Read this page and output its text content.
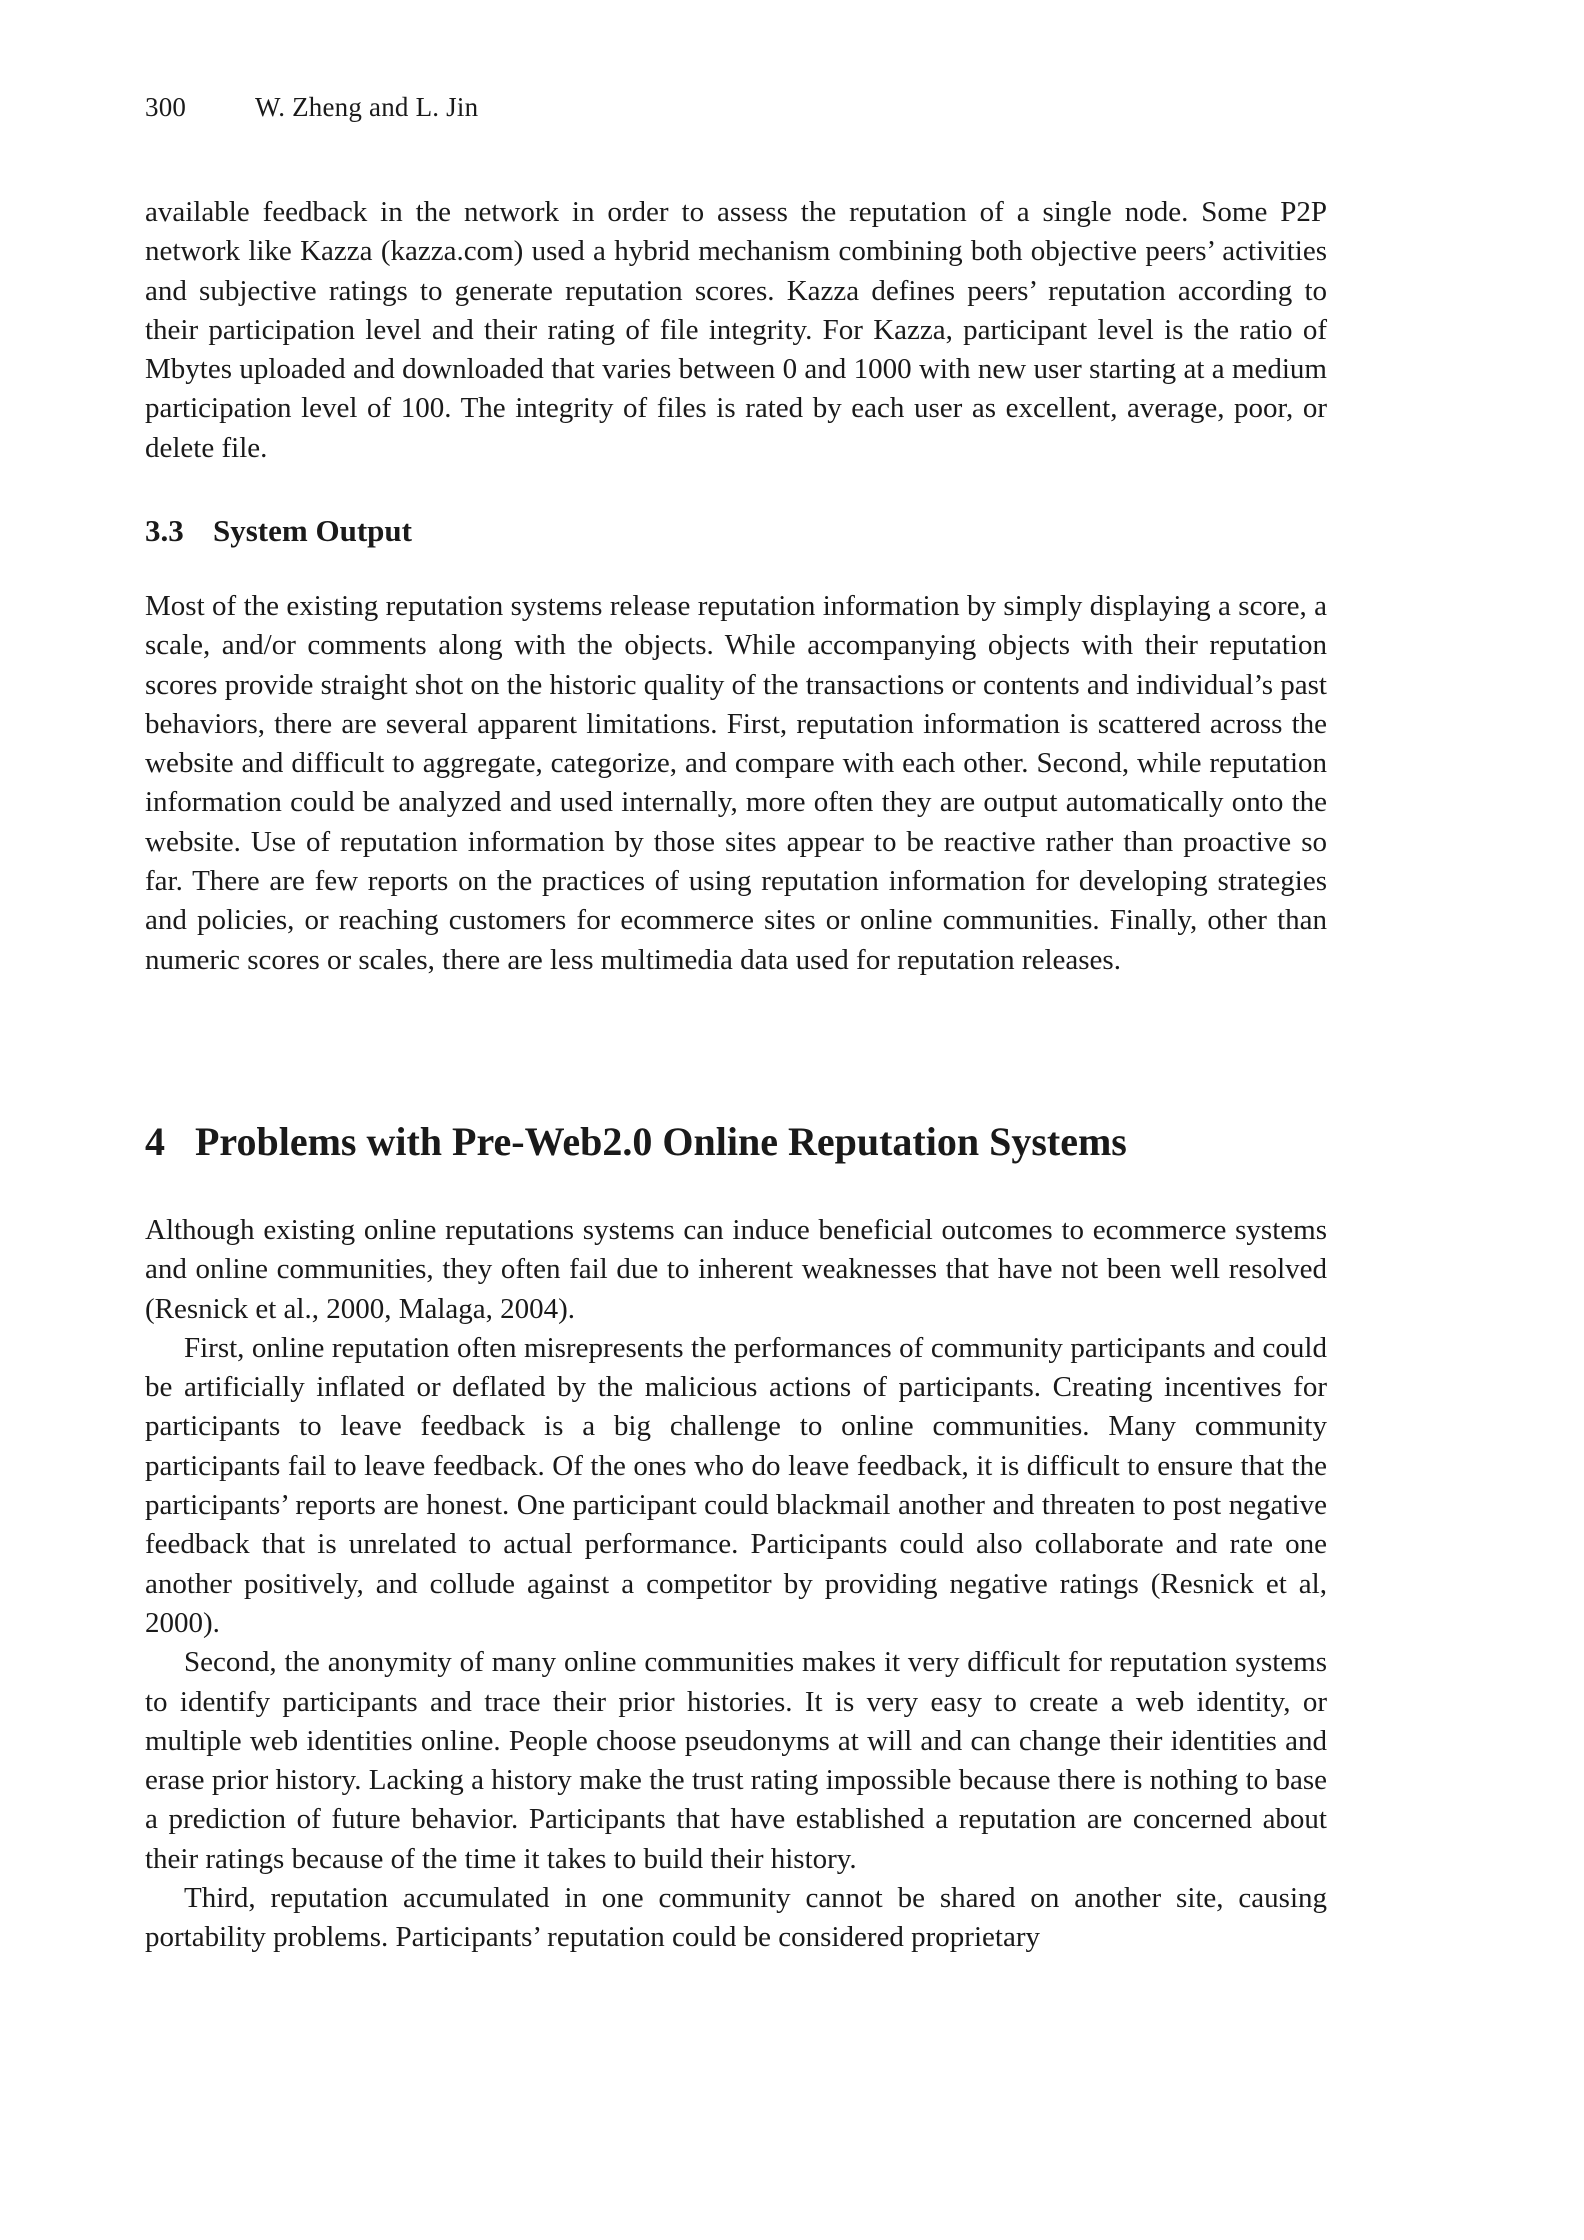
300	W. Zheng and L. Jin

available feedback in the network in order to assess the reputation of a single node. Some P2P network like Kazza (kazza.com) used a hybrid mechanism combining both objective peers’ activities and subjective ratings to generate reputation scores. Kazza defines peers’ reputation according to their participation level and their rating of file integrity. For Kazza, participant level is the ratio of Mbytes uploaded and downloaded that varies between 0 and 1000 with new user starting at a medium participation level of 100. The integrity of files is rated by each user as excellent, average, poor, or delete file.

3.3 System Output

Most of the existing reputation systems release reputation information by simply displaying a score, a scale, and/or comments along with the objects. While accompanying objects with their reputation scores provide straight shot on the historic quality of the transactions or contents and individual’s past behaviors, there are several apparent limitations. First, reputation information is scattered across the website and difficult to aggregate, categorize, and compare with each other. Second, while reputation information could be analyzed and used internally, more often they are output automatically onto the website. Use of reputation information by those sites appear to be reactive rather than proactive so far. There are few reports on the practices of using reputation information for developing strategies and policies, or reaching customers for ecommerce sites or online communities. Finally, other than numeric scores or scales, there are less multimedia data used for reputation releases.

4 Problems with Pre-Web2.0 Online Reputation Systems

Although existing online reputations systems can induce beneficial outcomes to ecommerce systems and online communities, they often fail due to inherent weaknesses that have not been well resolved (Resnick et al., 2000, Malaga, 2004).

First, online reputation often misrepresents the performances of community participants and could be artificially inflated or deflated by the malicious actions of participants. Creating incentives for participants to leave feedback is a big challenge to online communities. Many community participants fail to leave feedback. Of the ones who do leave feedback, it is difficult to ensure that the participants’ reports are honest. One participant could blackmail another and threaten to post negative feedback that is unrelated to actual performance. Participants could also collaborate and rate one another positively, and collude against a competitor by providing negative ratings (Resnick et al, 2000).

Second, the anonymity of many online communities makes it very difficult for reputation systems to identify participants and trace their prior histories. It is very easy to create a web identity, or multiple web identities online. People choose pseudonyms at will and can change their identities and erase prior history. Lacking a history make the trust rating impossible because there is nothing to base a prediction of future behavior. Participants that have established a reputation are concerned about their ratings because of the time it takes to build their history.

Third, reputation accumulated in one community cannot be shared on another site, causing portability problems. Participants’ reputation could be considered proprietary
